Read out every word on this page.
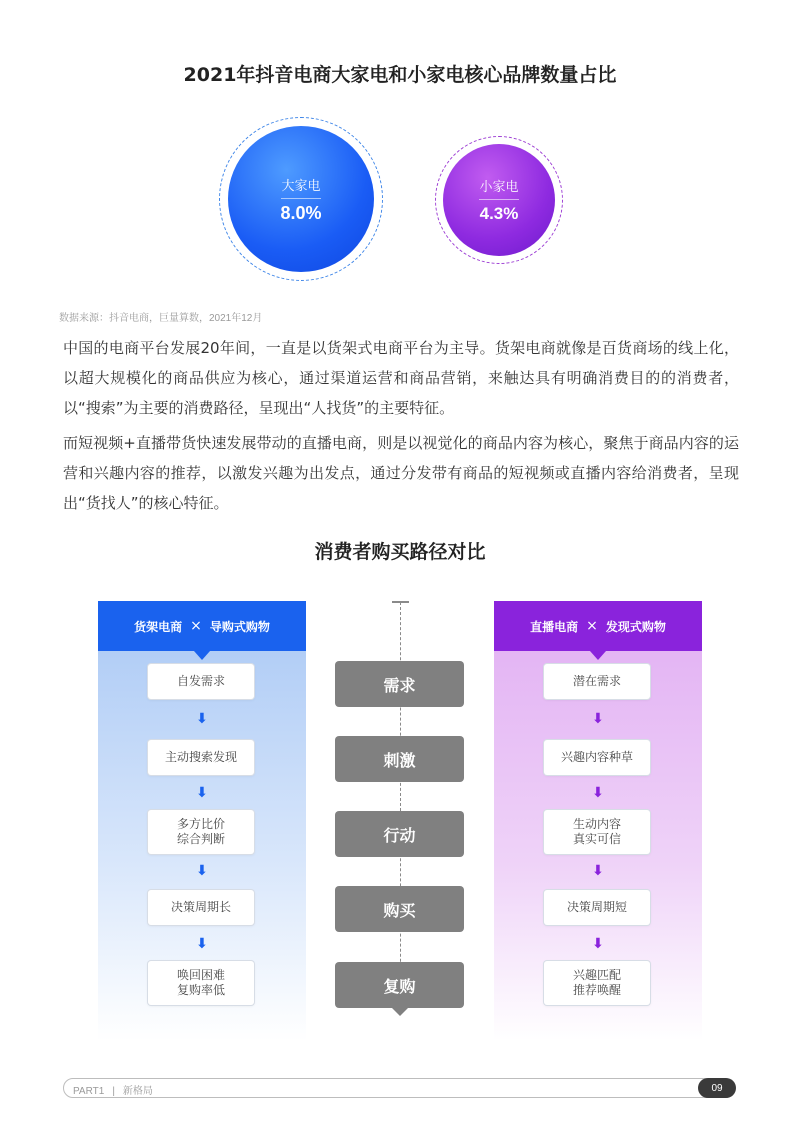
2021年抖音电商大家电和小家电核心品牌数量占比
大家电
8.0%
小家电
4.3%
数据来源：抖音电商，巨量算数，2021年12月

中国的电商平台发展20年间，一直是以货架式电商平台为主导。货架电商就像是百货商场的线上化，以超大规模化的商品供应为核心，通过渠道运营和商品营销，来触达具有明确消费目的的消费者，以“搜索”为主要的消费路径，呈现出“人找货”的主要特征。

而短视频+直播带货快速发展带动的直播电商，则是以视觉化的商品内容为核心，聚焦于商品内容的运营和兴趣内容的推荐，以激发兴趣为出发点，通过分发带有商品的短视频或直播内容给消费者，呈现出“货找人”的核心特征。

消费者购买路径对比
货架电商 × 导购式购物
自发需求
⬇
主动搜索发现
⬇
多方比价
综合判断
⬇
决策周期长
⬇
唤回困难
复购率低
需求
刺激
行动
购买
复购
直播电商 × 发现式购物
潜在需求
⬇
兴趣内容种草
⬇
生动内容
真实可信
⬇
决策周期短
⬇
兴趣匹配
推荐唤醒
PART1 | 新格局	09
